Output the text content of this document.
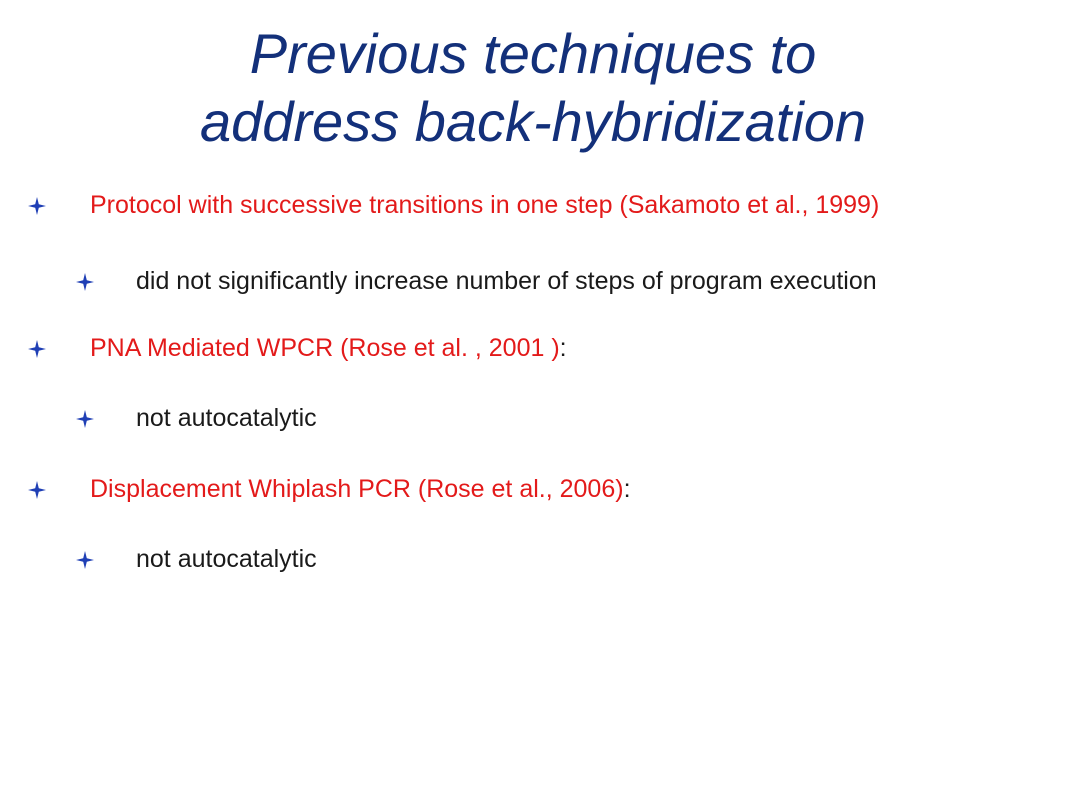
Previous techniques to
address back-hybridization
Protocol with successive transitions in one step (Sakamoto et al., 1999)
did not significantly increase number of steps of program execution
PNA Mediated WPCR (Rose et al. , 2001 ):
not autocatalytic
Displacement Whiplash PCR (Rose et al., 2006):
not autocatalytic
